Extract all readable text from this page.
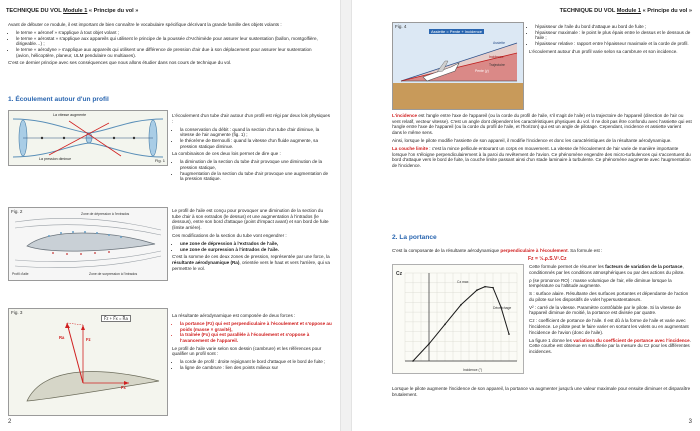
TECHNIQUE DU VOL Module 1 « Principe du vol »

Avant de débuter ce module, il est important de bien connaître le vocabulaire spécifique décrivant la grande famille des objets volants :

• le terme « aéronef » s'applique à tout objet volant ;
• le terme « aérostat » s'applique aux appareils qui utilisent le principe de la poussée d'Archimède pour assurer leur sustentation (ballon, montgolfière, dirigeable…) ;
• le terme « aérodyne » s'applique aux appareils qui utilisent une différence de pression d'air due à son déplacement pour assurer leur sustentation (avion, hélicoptère, planeur, ULM pendulaire ou multiaxes).

C'est ce dernier principe avec ses conséquences que nous allons étudier dans nos cours de technique du vol.

1. Écoulement autour d'un profil
La vitesse augmente
La pression diminue	Fig. 1

L'écoulement d'un tube d'air autour d'un profil est régi par deux lois physiques :

• la conservation du débit : quand la section d'un tube d'air diminue, la vitesse de l'air augmente (fig. 1) ;
• le théorème de Bernoulli : quand la vitesse d'un fluide augmente, sa pression statique diminue.

La combinaison de ces deux lois permet de dire que :

• la diminution de la section du tube d'air provoque une diminution de la pression statique,
• l'augmentation de la section du tube d'air provoque une augmentation de la pression statique.
Fig. 2	Zone de dépression à l'extrados
Zone de surpression à l'intrados
Profil d'aile

Le profil de l'aile est conçu pour provoquer une diminution de la section du tube d'air à son extrados (le dessus) et une augmentation à l'intrados (le dessous), entre son bord d'attaque (point d'impact avant) et son bord de fuite (limite arrière).

Ces modifications de la section du tube vont engendrer :

• une zone de dépression à l'extrados de l'aile,
• une zone de surpression à l'intrados de l'aile.

C'est la somme de ces deux zones de pression, représentée par une force, la résultante aérodynamique (Ra), orientée vers le haut et vers l'arrière, qui va permettre le vol.

Fig. 3
F⃗z + F⃗x = R⃗a
Ra	Fz
Fx

La résultante aérodynamique est composée de deux forces :

• la portance (Fz) qui est perpendiculaire à l'écoulement et s'oppose au poids (masse × gravité),
• la traînée (Fx) qui est parallèle à l'écoulement et s'oppose à l'avancement de l'appareil.

Le profil de l'aile varie selon son dessin (cambrure) et les références pour qualifier un profil sont :

• la corde de profil : droite rejoignant le bord d'attaque et le bord de fuite ;
• la ligne de cambrure : lien des points milieux sur
2
TECHNIQUE DU VOL Module 1 « Principe du vol »
Fig. 4
Assiette = Pente + Incidence
Assiette
Incidence
Pente (γ)
Trajectoire
• l'épaisseur de l'aile du bord d'attaque au bord de fuite ;
• l'épaisseur maximale : le point le plus épais entre le dessus et le dessous de l'aile ;
• l'épaisseur relative : rapport entre l'épaisseur maximale et la corde de profil.

L'écoulement autour d'un profil varie selon sa cambrure et son incidence.

L'incidence est l'angle entre l'axe de l'appareil (ou la corde du profil de l'aile, s'il s'agit de l'aile) et la trajectoire de l'appareil (direction de l'air ou vent relatif, vecteur vitesse). C'est un angle dont dépendent les caractéristiques physiques du vol. Il ne doit pas être confondu avec l'assiette qui est l'angle entre l'axe de l'appareil (ou la corde du profil de l'aile, et l'horizon) qui est un angle de pilotage. Cependant, incidence et assiette varient dans le même sens.

Ainsi, lorsque le pilote modifie l'assiette de son appareil, il modifie l'incidence et donc les caractéristiques de la résultante aérodynamique.

La couche limite : c'est la mince pellicule entourant un corps en mouvement. La vitesse de l'écoulement de l'air varie de manière importante lorsque l'on s'éloigne perpendiculairement à la paroi du revêtement de l'avion. Ce phénomène engendre des micro-turbulences qui s'accentuent du bord d'attaque vers le bord de fuite, la couche limite passant ainsi d'un stade laminaire à turbulente. Ce phénomène augmente avec l'augmentation de l'incidence.

2. La portance

C'est la composante de la résultante aérodynamique perpendiculaire à l'écoulement. Sa formule est :

Fz = ½.ρ.S.V².Cz
Cz
Incidence (°)
Cz max
Décrochage

Cette formule permet de résumer les facteurs de variation de la portance, conditionnés par les conditions atmosphériques ou par des actions du pilote.

ρ (se prononce RO) : masse volumique de l'air, elle diminue lorsque la température ou l'altitude augmente.

S : surface alaire. Résultante des surfaces portantes et dépendante de l'action du pilote sur les dispositifs de volet hypersustentateurs.

V² : carré de la vitesse. Paramètre contrôlable par le pilote. Si la vitesse de l'appareil diminue de moitié, la portance est divisée par quatre.

Cz : coefficient de portance de l'aile. Il est dû à la forme de l'aile et varie avec l'incidence. Le pilote peut le faire varier en sortant les volets ou en augmentant l'incidence de l'avion (donc de l'aile).

La figure 1 donne les variations du coefficient de portance avec l'incidence. Cette courbe est obtenue en soufflerie par la mesure du Cz pour les différentes incidences.

Lorsque le pilote augmente l'incidence de son appareil, la portance va augmenter jusqu'à une valeur maximale pour ensuite diminuer et disparaître brutalement.

3
